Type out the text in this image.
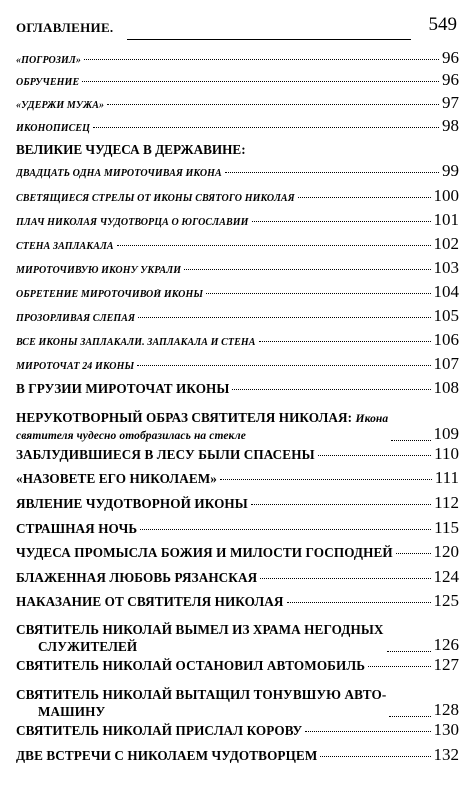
ОГЛАВЛЕНИЕ.	549
«ПОГРОЗИЛ»	96
ОБРУЧЕНИЕ	96
«УДЕРЖИ МУЖА»	97
ИКОНОПИСЕЦ	98
ВЕЛИКИЕ ЧУДЕСА В ДЕРЖАВИНЕ:
ДВАДЦАТЬ ОДНА МИРОТОЧИВАЯ ИКОНА	99
СВЕТЯЩИЕСЯ СТРЕЛЫ ОТ ИКОНЫ СВЯТОГО НИКОЛАЯ	100
ПЛАЧ НИКОЛАЯ ЧУДОТВОРЦА О ЮГОСЛАВИИ	101
СТЕНА ЗАПЛАКАЛА	102
МИРОТОЧИВУЮ ИКОНУ УКРАЛИ	103
ОБРЕТЕНИЕ МИРОТОЧИВОЙ ИКОНЫ	104
ПРОЗОРЛИВАЯ СЛЕПАЯ	105
ВСЕ ИКОНЫ ЗАПЛАКАЛИ. ЗАПЛАКАЛА И СТЕНА	106
МИРОТОЧАТ 24 ИКОНЫ	107
В ГРУЗИИ МИРОТОЧАТ ИКОНЫ	108
НЕРУКОТВОРНЫЙ ОБРАЗ СВЯТИТЕЛЯ НИКОЛАЯ: Икона
святителя чудесно отобразилась на стекле	109
ЗАБЛУДИВШИЕСЯ В ЛЕСУ БЫЛИ СПАСЕНЫ	110
«НАЗОВЕТЕ ЕГО НИКОЛАЕМ»	111
ЯВЛЕНИЕ ЧУДОТВОРНОЙ ИКОНЫ	112
СТРАШНАЯ НОЧЬ	115
ЧУДЕСА ПРОМЫСЛА БОЖИЯ И МИЛОСТИ ГОСПОДНЕЙ 120
БЛАЖЕННАЯ ЛЮБОВЬ РЯЗАНСКАЯ	124
НАКАЗАНИЕ ОТ СВЯТИТЕЛЯ НИКОЛАЯ	125
СВЯТИТЕЛЬ НИКОЛАЙ ВЫМЕЛ ИЗ ХРАМА НЕГОДНЫХ
СЛУЖИТЕЛЕЙ	126
СВЯТИТЕЛЬ НИКОЛАЙ ОСТАНОВИЛ АВТОМОБИЛЬ	127
СВЯТИТЕЛЬ НИКОЛАЙ ВЫТАЩИЛ ТОНУВШУЮ АВТО-
МАШИНУ	128
СВЯТИТЕЛЬ НИКОЛАЙ ПРИСЛАЛ КОРОВУ	130
ДВЕ ВСТРЕЧИ С НИКОЛАЕМ ЧУДОТВОРЦЕМ	132
